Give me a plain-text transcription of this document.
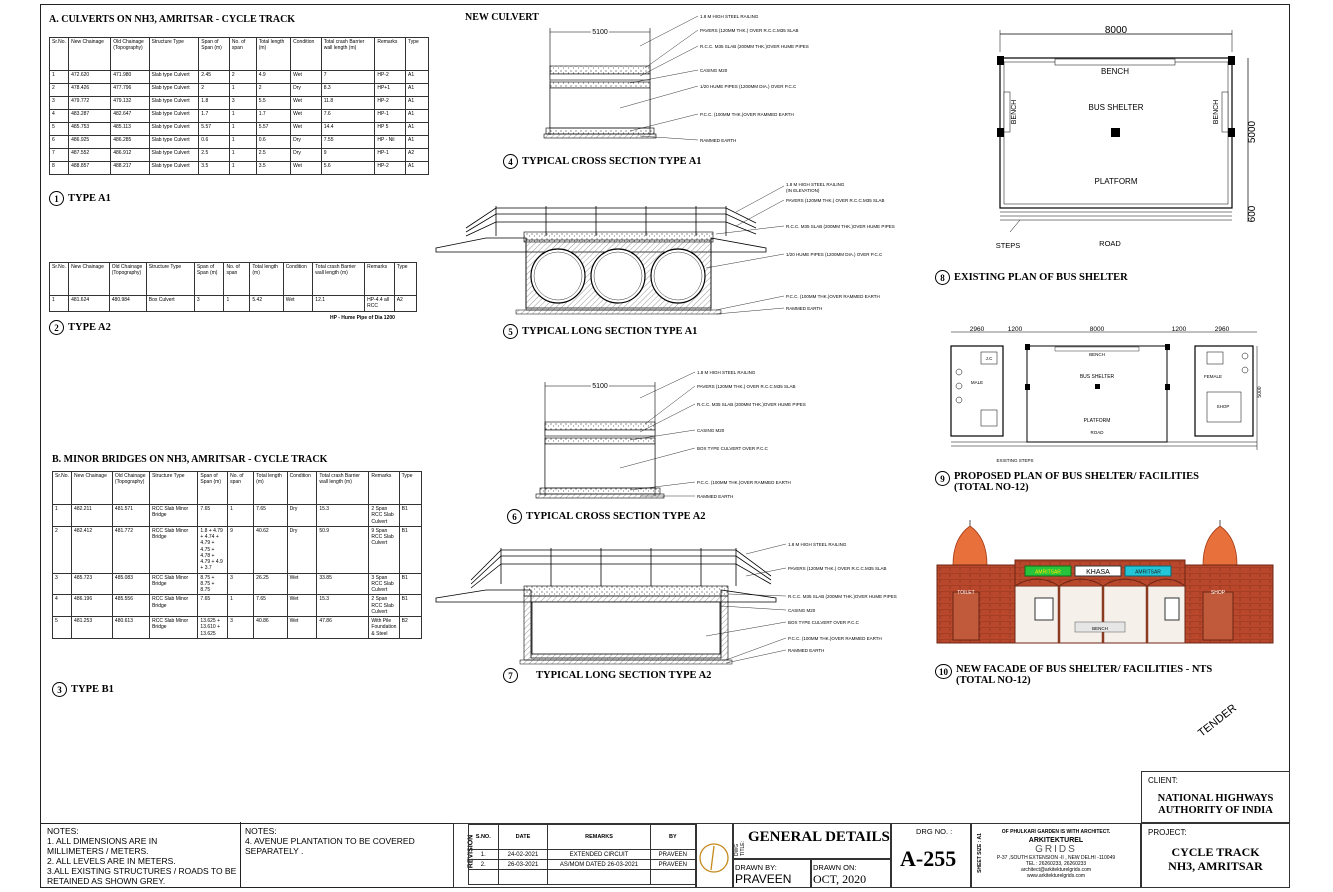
A. CULVERTS ON NH3, AMRITSAR - CYCLE TRACK
Sr.No.	New Chainage	Old Chainage (Topography)	Structure Type	Span of Span (m)	No. of span	Total length (m)	Condition	Total crash Barrier wall length (m)	Remarks	Type
1	472.620	471.980	Slab type Culvert	2.45	2	4.9	Wet	7	HP-2	A1
2	478.426	477.796	Slab type Culvert	2	1	2	Dry	8.3	HP+1	A1
3	479.772	479.132	Slab type Culvert	1.8	3	5.5	Wet	11.8	HP-2	A1
4	483.287	482.647	Slab type Culvert	1.7	1	1.7	Wet	7.6	HP-1	A1
5	485.753	485.113	Slab type Culvert	5.57	1	5.57	Wet	14.4	HP 5	A1
6	486.925	486.285	Slab type Culvert	0.6	1	0.6	Dry	7.55	HP - Nil	A1
7	487.552	486.912	Slab type Culvert	2.5	1	2.5	Dry	9	HP-1	A2
8	488.857	488.217	Slab type Culvert	3.5	1	3.5	Wet	5.6	HP-2	A1
1 TYPE A1
Sr.No.	New Chainage	Old Chainage (Topography)	Structure Type	Span of Span (m)	No. of span	Total length (m)	Condition	Total crash Barrier wall length (m)	Remarks	Type
1	481.624	480.984	Box Culvert	3	1	5.42	Wet	12.1	HP-4.4 all RCC	A2
HP - Hume Pipe of Dia 1200
2 TYPE A2
B. MINOR BRIDGES ON NH3, AMRITSAR - CYCLE TRACK
Sr.No.	New Chainage	Old Chainage (Topography)	Structure Type	Span of Span (m)	No. of span	Total length (m)	Condition	Total crash Barrier wall length (m)	Remarks	Type
1	482.211	481.571	RCC Slab Minor Bridge	7.65	1	7.65	Dry	15.3	2 Span RCC Slab Culvert	B1
2	482.412	481.772	RCC Slab Minor Bridge	1.8 + 4.79 + 4.74 + 4.79 + 4.75 + 4.78 + 4.79 + 4.9 + 3.7	9	40.62	Dry	50.9	9 Span RCC Slab Culvert	B1
3	485.723	485.083	RCC Slab Minor Bridge	8.75 + 8.75 + 8.75	3	26.25	Wet	33.85	3 Span RCC Slab Culvert	B1
4	486.196	485.556	RCC Slab Minor Bridge	7.65	1	7.65	Wet	15.3	2 Span RCC Slab Culvert	B1
5	481.253	480.613	RCC Slab Minor Bridge	13.625 + 13.610 + 13.625	3	40.86	Wet	47.86	With Pile Foundation & Steel	B2
3 TYPE B1
NEW CULVERT
5100
1.8 M HIGH STEEL RAILING
PAVERS (120MM THK.) OVER R.C.C.M35 SLAB
R.C.C. M35 SLAB (200MM THK.)OVER HUME PIPES
CASING M20
1/20 HUME PIPES (1200MM DIA.) OVER P.C.C
P.C.C. (100MM THK.)OVER RAMMED EARTH
RAMMED EARTH
4 TYPICAL CROSS SECTION TYPE A1
1.8 M HIGH STEEL RAILING
(IN ELEVATION)
PAVERS (120MM THK.) OVER R.C.C.M35 SLAB
R.C.C. M35 SLAB (200MM THK.)OVER HUME PIPES
1/20 HUME PIPES (1200MM DIA.) OVER P.C.C
P.C.C. (100MM THK.)OVER RAMMED EARTH
RAMMED EARTH
5 TYPICAL LONG SECTION TYPE A1
5100
1.8 M HIGH STEEL RAILING
PAVERS (120MM THK.) OVER R.C.C.M35 SLAB
R.C.C. M35 SLAB (200MM THK.)OVER HUME PIPES
CASING M20
BOX TYPE CULVERT OVER P.C.C
P.C.C. (100MM THK.)OVER RAMMED EARTH
RAMMED EARTH
6 TYPICAL CROSS SECTION TYPE A2
1.8 M HIGH STEEL RAILING
PAVERS (120MM THK.) OVER R.C.C.M35 SLAB
R.C.C. M35 SLAB (200MM THK.)OVER HUME PIPES
CASING M20
BOX TYPE CULVERT OVER P.C.C
P.C.C. (100MM THK.)OVER RAMMED EARTH
RAMMED EARTH
7	TYPICAL LONG SECTION TYPE A2
8000
BENCH
BENCH	BENCH
BUS SHELTER
PLATFORM
5000
600
STEPS	ROAD
8 EXISTING PLAN OF BUS SHELTER
2960	1200	8000	1200	2960
BENCH
BUS SHELTER
PLATFORM
J.C
MALE
FEMALE
SHOP
ROAD
EXISTING STEPS
5000
9 PROPOSED PLAN OF BUS SHELTER/ FACILITIES
(TOTAL NO-12)
AMRITSAR	KHASA	AMRITSAR
TOILET	SHOP
BENCH
10 NEW FACADE OF BUS SHELTER/ FACILITIES - NTS
(TOTAL NO-12)
TENDER
NOTES:
1. ALL DIMENSIONS ARE IN
MILLIMETERS / METERS.
2. ALL LEVELS ARE IN METERS.
3.ALL EXISTING STRUCTURES / ROADS TO BE
RETAINED AS SHOWN GREY.
NOTES:
4. AVENUE PLANTATION TO BE COVERED
SEPARATELY .	REVISION S.NO.	DATE	REMARKS	BY
1.	24-02-2021	EXTENDED CIRCUIT	PRAVEEN
2.	26-03-2021	AS/MOM DATED 26-03-2021	PRAVEEN

DWG TITLE:
GENERAL DETAILS
DRAWN BY:
PRAVEEN
DRAWN ON:
OCT, 2020
DRG NO. :
A-255	SHEET SIZE : A1
OF PHULKARI GARDEN IS WITH ARCHITECT.
ARKITEKTUREL
GRIDS
P-37 ,SOUTH EXTENSION -II , NEW DELHI -110049
TEL : 26260233, 26260233
architect@arkitekturelgrids.com
www.arkitekturelgrids.com
CLIENT:
NATIONAL HIGHWAYS
AUTHORITY OF INDIA
PROJECT:
CYCLE TRACK
NH3, AMRITSAR
